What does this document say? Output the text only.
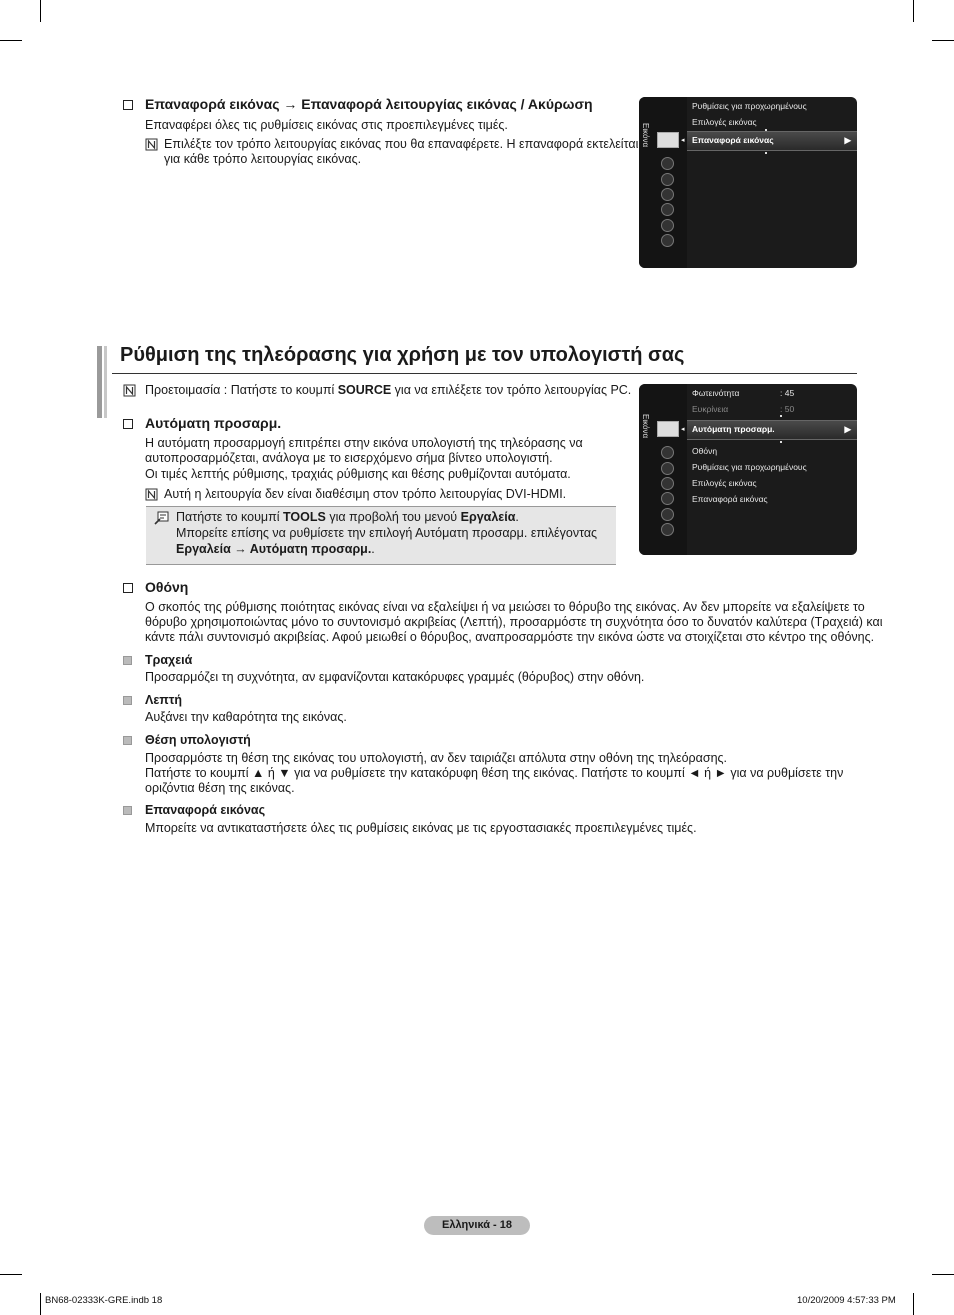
Επαναφορά εικόνας → Επαναφορά λειτουργίας εικόνας / Ακύρωση
Επαναφέρει όλες τις ρυθμίσεις εικόνας στις προεπιλεγμένες τιμές.
Επιλέξτε τον τρόπο λειτουργίας εικόνας που θα επαναφέρετε. Η επαναφορά εκτελείται
για κάθε τρόπο λειτουργίας εικόνας.
Εικόνα
Ρυθμίσεις για προχωρημένους
Επιλογές εικόνας
Επαναφορά εικόνας	▶
◂
Ρύθμιση της τηλεόρασης για χρήση με τον υπολογιστή σας
Προετοιμασία : Πατήστε το κουμπί SOURCE για να επιλέξετε τον τρόπο λειτουργίας PC.
Αυτόματη προσαρμ.
Η αυτόματη προσαρμογή επιτρέπει στην εικόνα υπολογιστή της τηλεόρασης να
αυτοπροσαρμόζεται, ανάλογα με το εισερχόμενο σήμα βίντεο υπολογιστή.
Οι τιμές λεπτής ρύθμισης, τραχιάς ρύθμισης και θέσης ρυθμίζονται αυτόματα.
Αυτή η λειτουργία δεν είναι διαθέσιμη στον τρόπο λειτουργίας DVI-HDMI.
Πατήστε το κουμπί TOOLS για προβολή του μενού Εργαλεία.
Μπορείτε επίσης να ρυθμίσετε την επιλογή Αυτόματη προσαρμ. επιλέγοντας
Εργαλεία → Αυτόματη προσαρμ..
Εικόνα
Φωτεινότητα	: 45
Ευκρίνεια	: 50
Αυτόματη προσαρμ.	▶
◂
Οθόνη
Ρυθμίσεις για προχωρημένους
Επιλογές εικόνας
Επαναφορά εικόνας
Οθόνη
Ο σκοπός της ρύθμισης ποιότητας εικόνας είναι να εξαλείψει ή να μειώσει το θόρυβο της εικόνας. Αν δεν μπορείτε να εξαλείψετε το
θόρυβο χρησιμοποιώντας μόνο το συντονισμό ακριβείας (Λεπτή), προσαρμόστε τη συχνότητα όσο το δυνατόν καλύτερα (Τραχειά) και
κάντε πάλι συντονισμό ακριβείας. Αφού μειωθεί ο θόρυβος, αναπροσαρμόστε την εικόνα ώστε να στοιχίζεται στο κέντρο της οθόνης.
Τραχειά
Προσαρμόζει τη συχνότητα, αν εμφανίζονται κατακόρυφες γραμμές (θόρυβος) στην οθόνη.
Λεπτή
Αυξάνει την καθαρότητα της εικόνας.
Θέση υπολογιστή
Προσαρμόστε τη θέση της εικόνας του υπολογιστή, αν δεν ταιριάζει απόλυτα στην οθόνη της τηλεόρασης.
Πατήστε το κουμπί ▲ ή ▼ για να ρυθμίσετε την κατακόρυφη θέση της εικόνας. Πατήστε το κουμπί ◄ ή ► για να ρυθμίσετε την
οριζόντια θέση της εικόνας.
Επαναφορά εικόνας
Μπορείτε να αντικαταστήσετε όλες τις ρυθμίσεις εικόνας με τις εργοστασιακές προεπιλεγμένες τιμές.
Ελληνικά - 18
BN68-02333K-GRE.indb 18	10/20/2009 4:57:33 PM
